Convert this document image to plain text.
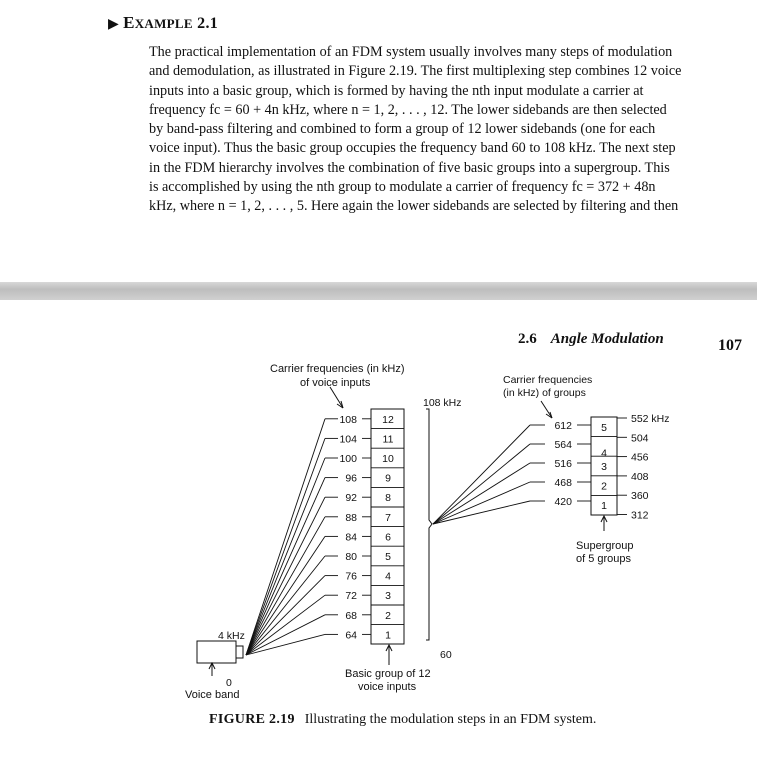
▶ EXAMPLE 2.1

The practical implementation of an FDM system usually involves many steps of modulation

and demodulation, as illustrated in Figure 2.19. The first multiplexing step combines 12 voice

inputs into a basic group, which is formed by having the nth input modulate a carrier at

frequency fc = 60 + 4n kHz, where n = 1, 2, . . . , 12. The lower sidebands are then selected

by band-pass filtering and combined to form a group of 12 lower sidebands (one for each

voice input). Thus the basic group occupies the frequency band 60 to 108 kHz. The next step

in the FDM hierarchy involves the combination of five basic groups into a supergroup. This

is accomplished by using the nth group to modulate a carrier of frequency fc = 372 + 48n

kHz, where n = 1, 2, . . . , 5. Here again the lower sidebands are selected by filtering and then

2.6 Angle Modulation	107
12
108
11
104
10
100
9
96
8
92
7
88
6
84
5
80
4
76
3
72
2
68
1
64
5
612
4
564
3
516
2
468
1
420
552 kHz
504
456
408
360
312
Carrier frequencies (in kHz)
of voice inputs
108 kHz
60
Basic group of 12
voice inputs
4 kHz
0
Voice band
Carrier frequencies
(in kHz) of groups
Supergroup
of 5 groups
FIGURE 2.19 Illustrating the modulation steps in an FDM system.
